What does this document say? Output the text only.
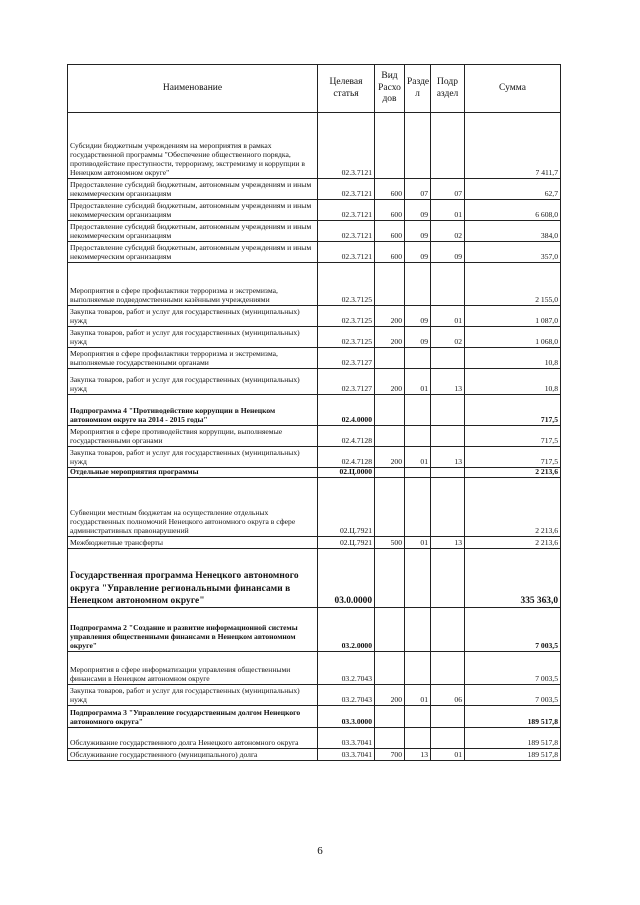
Наименование	Целевая статья	Вид Расхо дов	Разде л	Подр аздел	Сумма
Субсидии бюджетным учреждениям на мероприятия в рамках государственной программы "Обеспечение общественного порядка, противодействие преступности, терроризму, экстремизму и коррупции в Ненецком автономном округе"	02.3.7121				7 411,7
Предоставление субсидий бюджетным, автономным учреждениям и иным некоммерческим организациям	02.3.7121	600	07	07	62,7
Предоставление субсидий бюджетным, автономным учреждениям и иным некоммерческим организациям	02.3.7121	600	09	01	6 608,0
Предоставление субсидий бюджетным, автономным учреждениям и иным некоммерческим организациям	02.3.7121	600	09	02	384,0
Предоставление субсидий бюджетным, автономным учреждениям и иным некоммерческим организациям	02.3.7121	600	09	09	357,0
Мероприятия в сфере профилактики терроризма и экстремизма, выполняемые подведомственными казёнными учреждениями	02.3.7125				2 155,0
Закупка товаров, работ и услуг для государственных (муниципальных) нужд	02.3.7125	200	09	01	1 087,0
Закупка товаров, работ и услуг для государственных (муниципальных) нужд	02.3.7125	200	09	02	1 068,0
Мероприятия в сфере профилактики терроризма и экстремизма, выполняемые государственными органами	02.3.7127				10,8
Закупка товаров, работ и услуг для государственных (муниципальных) нужд	02.3.7127	200	01	13	10,8
Подпрограмма 4 "Противодействие коррупции в Ненецком автономном округе на 2014 - 2015 годы"	02.4.0000				717,5
Мероприятия в сфере противодействия коррупции, выполняемые государственными органами	02.4.7128				717,5
Закупка товаров, работ и услуг для государственных (муниципальных) нужд	02.4.7128	200	01	13	717,5
Отдельные мероприятия программы	02.Ц.0000				2 213,6
Субвенции местным бюджетам на осуществление отдельных государственных полномочий Ненецкого автономного округа в сфере административных правонарушений	02.Ц.7921				2 213,6
Межбюджетные трансферты	02.Ц.7921	500	01	13	2 213,6
Государственная программа Ненецкого автономного округа "Управление региональными финансами в Ненецком автономном округе"	03.0.0000				335 363,0
Подпрограмма 2 "Создание и развитие информационной системы управления общественными финансами в Ненецком автономном округе"	03.2.0000				7 003,5
Мероприятия в сфере информатизации управления общественными финансами в Ненецком автономном округе	03.2.7043				7 003,5
Закупка товаров, работ и услуг для государственных (муниципальных) нужд	03.2.7043	200	01	06	7 003,5
Подпрограмма 3 "Управление государственным долгом Ненецкого автономного округа"	03.3.0000				189 517,8
Обслуживание государственного долга Ненецкого автономного округа	03.3.7041				189 517,8
Обслуживание государственного (муниципального) долга	03.3.7041	700	13	01	189 517,8
6
